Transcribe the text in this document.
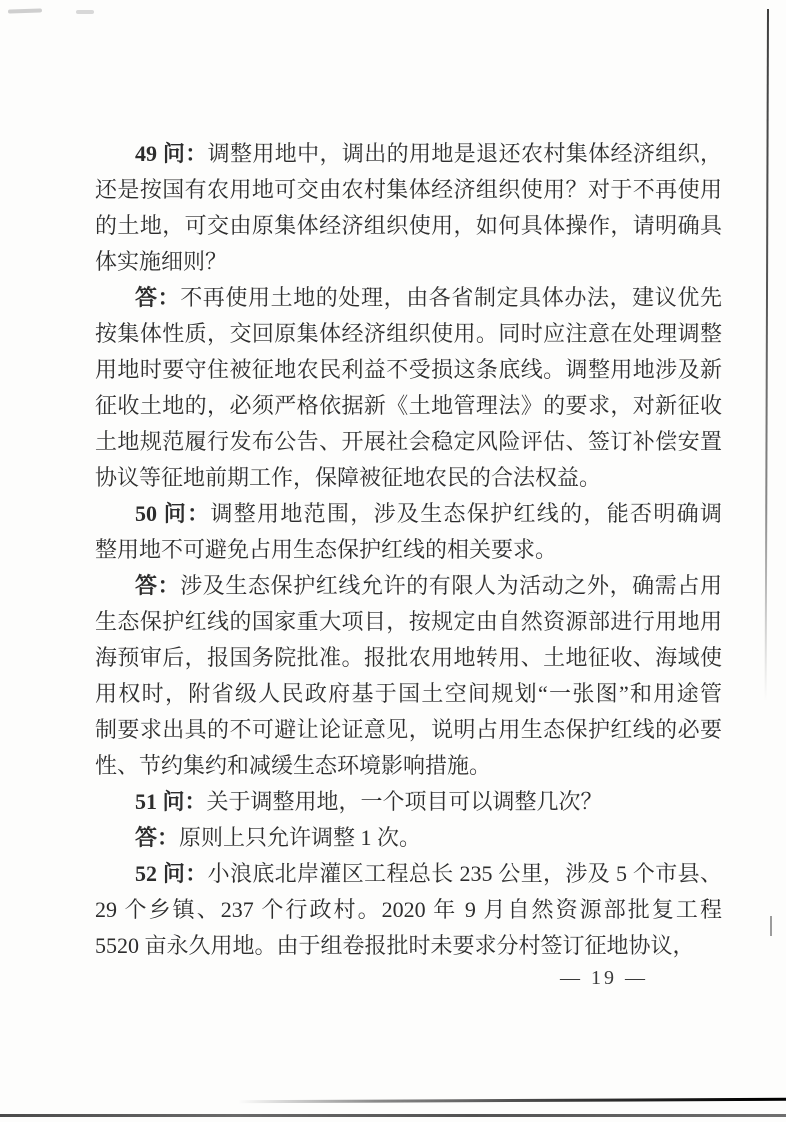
49 问：调整用地中，调出的用地是退还农村集体经济组织，
还是按国有农用地可交由农村集体经济组织使用？对于不再使用
的土地，可交由原集体经济组织使用，如何具体操作，请明确具
体实施细则？
答：不再使用土地的处理，由各省制定具体办法，建议优先
按集体性质，交回原集体经济组织使用。同时应注意在处理调整
用地时要守住被征地农民利益不受损这条底线。调整用地涉及新
征收土地的，必须严格依据新《土地管理法》的要求，对新征收
土地规范履行发布公告、开展社会稳定风险评估、签订补偿安置
协议等征地前期工作，保障被征地农民的合法权益。
50 问：调整用地范围，涉及生态保护红线的，能否明确调
整用地不可避免占用生态保护红线的相关要求。
答：涉及生态保护红线允许的有限人为活动之外，确需占用
生态保护红线的国家重大项目，按规定由自然资源部进行用地用
海预审后，报国务院批准。报批农用地转用、土地征收、海域使
用权时，附省级人民政府基于国土空间规划“一张图”和用途管
制要求出具的不可避让论证意见，说明占用生态保护红线的必要
性、节约集约和减缓生态环境影响措施。
51 问：关于调整用地，一个项目可以调整几次？
答：原则上只允许调整 1 次。
52 问：小浪底北岸灌区工程总长 235 公里，涉及 5 个市县、
29 个乡镇、237 个行政村。2020 年 9 月自然资源部批复工程
5520 亩永久用地。由于组卷报批时未要求分村签订征地协议，
— 19 —
